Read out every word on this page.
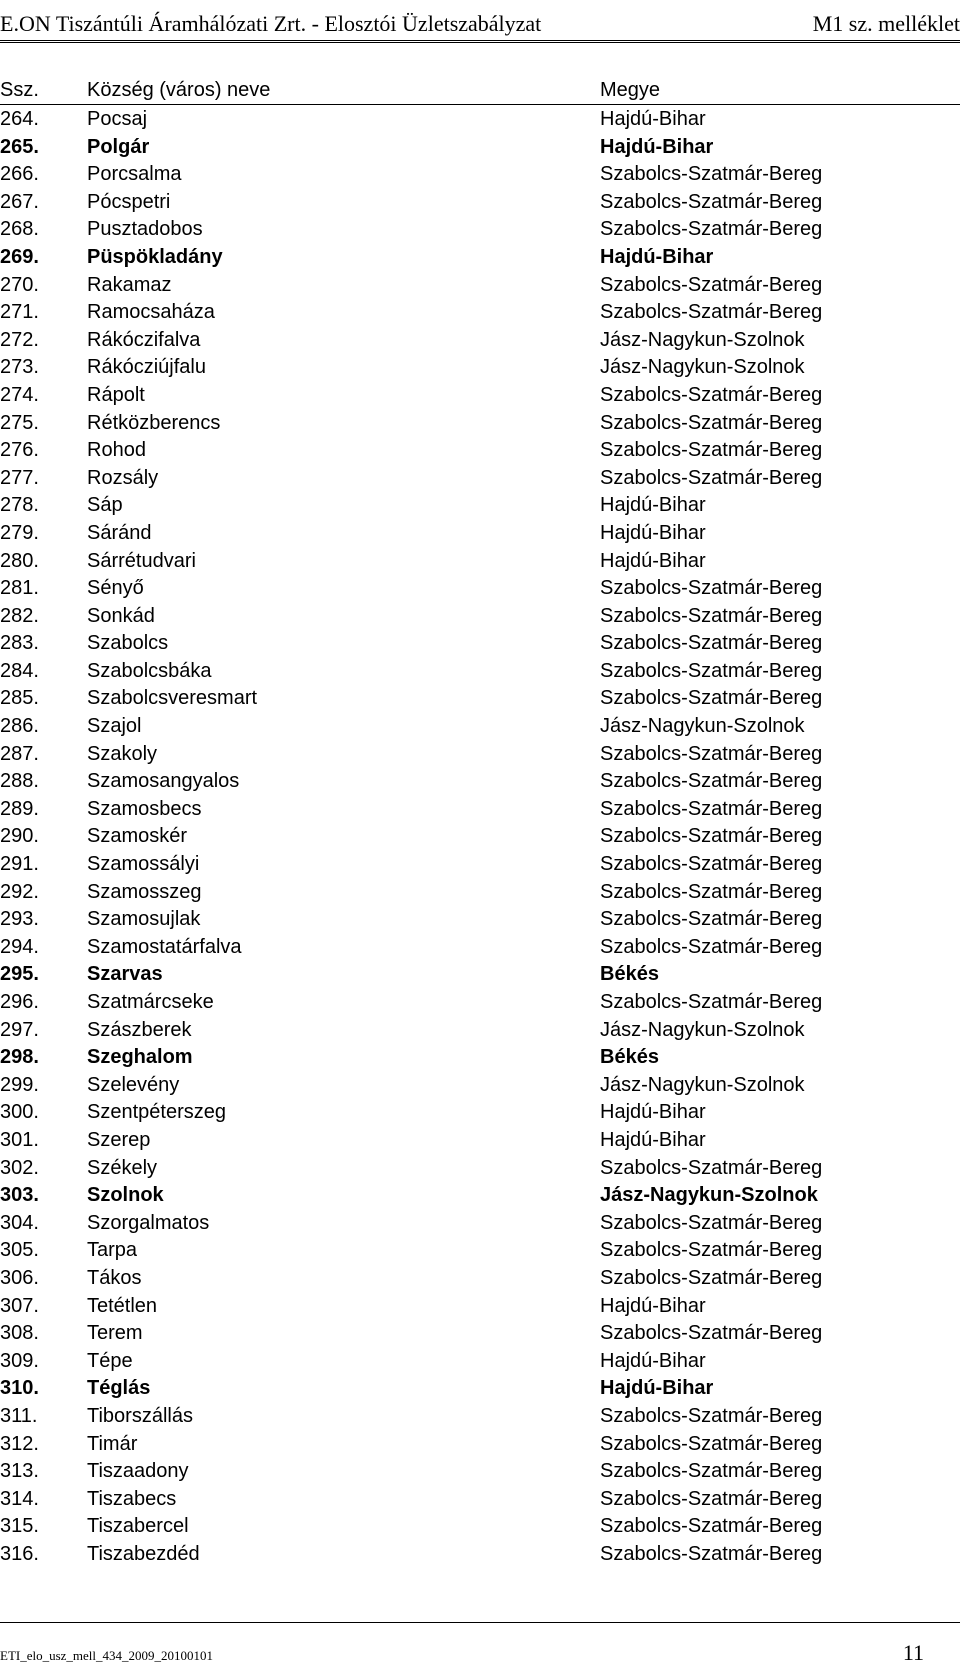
E.ON Tiszántúli Áramhálózati Zrt. - Elosztói Üzletszabályzat	M1 sz. melléklet
Ssz. Község (város) neve	Megye
264. Pocsaj	Hajdú-Bihar
265. Polgár	Hajdú-Bihar
266. Porcsalma	Szabolcs-Szatmár-Bereg
267. Pócspetri	Szabolcs-Szatmár-Bereg
268. Pusztadobos	Szabolcs-Szatmár-Bereg
269. Püspökladány	Hajdú-Bihar
270. Rakamaz	Szabolcs-Szatmár-Bereg
271. Ramocsaháza	Szabolcs-Szatmár-Bereg
272. Rákóczifalva	Jász-Nagykun-Szolnok
273. Rákócziújfalu	Jász-Nagykun-Szolnok
274. Rápolt	Szabolcs-Szatmár-Bereg
275. Rétközberencs	Szabolcs-Szatmár-Bereg
276. Rohod	Szabolcs-Szatmár-Bereg
277. Rozsály	Szabolcs-Szatmár-Bereg
278. Sáp	Hajdú-Bihar
279. Sáránd	Hajdú-Bihar
280. Sárrétudvari	Hajdú-Bihar
281. Sényő	Szabolcs-Szatmár-Bereg
282. Sonkád	Szabolcs-Szatmár-Bereg
283. Szabolcs	Szabolcs-Szatmár-Bereg
284. Szabolcsbáka	Szabolcs-Szatmár-Bereg
285. Szabolcsveresmart	Szabolcs-Szatmár-Bereg
286. Szajol	Jász-Nagykun-Szolnok
287. Szakoly	Szabolcs-Szatmár-Bereg
288. Szamosangyalos	Szabolcs-Szatmár-Bereg
289. Szamosbecs	Szabolcs-Szatmár-Bereg
290. Szamoskér	Szabolcs-Szatmár-Bereg
291. Szamossályi	Szabolcs-Szatmár-Bereg
292. Szamosszeg	Szabolcs-Szatmár-Bereg
293. Szamosujlak	Szabolcs-Szatmár-Bereg
294. Szamostatárfalva	Szabolcs-Szatmár-Bereg
295. Szarvas	Békés
296. Szatmárcseke	Szabolcs-Szatmár-Bereg
297. Szászberek	Jász-Nagykun-Szolnok
298. Szeghalom	Békés
299. Szelevény	Jász-Nagykun-Szolnok
300. Szentpéterszeg	Hajdú-Bihar
301. Szerep	Hajdú-Bihar
302. Székely	Szabolcs-Szatmár-Bereg
303. Szolnok	Jász-Nagykun-Szolnok
304. Szorgalmatos	Szabolcs-Szatmár-Bereg
305. Tarpa	Szabolcs-Szatmár-Bereg
306. Tákos	Szabolcs-Szatmár-Bereg
307. Tetétlen	Hajdú-Bihar
308. Terem	Szabolcs-Szatmár-Bereg
309. Tépe	Hajdú-Bihar
310. Téglás	Hajdú-Bihar
311. Tiborszállás	Szabolcs-Szatmár-Bereg
312. Timár	Szabolcs-Szatmár-Bereg
313. Tiszaadony	Szabolcs-Szatmár-Bereg
314. Tiszabecs	Szabolcs-Szatmár-Bereg
315. Tiszabercel	Szabolcs-Szatmár-Bereg
316. Tiszabezdéd	Szabolcs-Szatmár-Bereg
ETI_elo_usz_mell_434_2009_20100101	11
